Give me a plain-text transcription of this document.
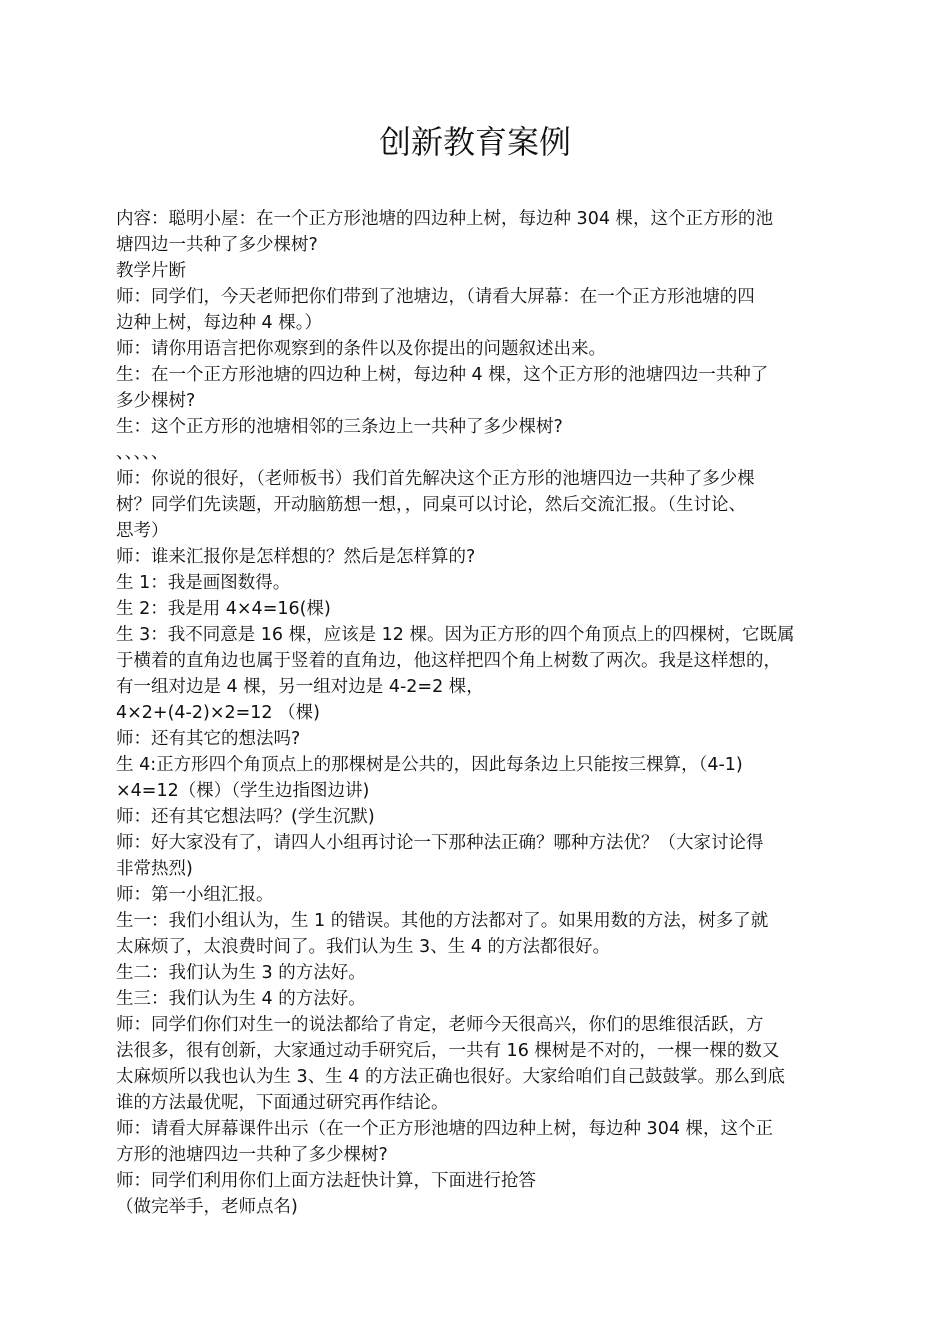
创新教育案例

内容：聪明小屋：在一个正方形池塘的四边种上树，每边种 304 棵，这个正方形的池

塘四边一共种了多少棵树?

教学片断

师：同学们，今天老师把你们带到了池塘边，（请看大屏幕：在一个正方形池塘的四

边种上树，每边种 4 棵。）

师：请你用语言把你观察到的条件以及你提出的问题叙述出来。

生：在一个正方形池塘的四边种上树，每边种 4 棵，这个正方形的池塘四边一共种了

多少棵树?

生：这个正方形的池塘相邻的三条边上一共种了多少棵树?

、、、、、

师：你说的很好，（老师板书）我们首先解决这个正方形的池塘四边一共种了多少棵

树？同学们先读题，开动脑筋想一想，，同桌可以讨论，然后交流汇报。（生讨论、

思考）

师：谁来汇报你是怎样想的？然后是怎样算的?

生 1：我是画图数得。

生 2：我是用 4×4=16(棵)

生 3：我不同意是 16 棵，应该是 12 棵。因为正方形的四个角顶点上的四棵树，它既属

于横着的直角边也属于竖着的直角边，他这样把四个角上树数了两次。我是这样想的，

有一组对边是 4 棵，另一组对边是 4-2=2 棵，

4×2+(4-2)×2=12 （棵)

师：还有其它的想法吗?

生 4:正方形四个角顶点上的那棵树是公共的，因此每条边上只能按三棵算，（4-1)

×4=12（棵）（学生边指图边讲)

师：还有其它想法吗？(学生沉默)

师：好大家没有了，请四人小组再讨论一下那种法正确？哪种方法优？（大家讨论得

非常热烈)

师：第一小组汇报。

生一：我们小组认为，生 1 的错误。其他的方法都对了。如果用数的方法，树多了就

太麻烦了，太浪费时间了。我们认为生 3、生 4 的方法都很好。

生二：我们认为生 3 的方法好。

生三：我们认为生 4 的方法好。

师：同学们你们对生一的说法都给了肯定，老师今天很高兴，你们的思维很活跃，方

法很多，很有创新，大家通过动手研究后，一共有 16 棵树是不对的，一棵一棵的数又

太麻烦所以我也认为生 3、生 4 的方法正确也很好。大家给咱们自己鼓鼓掌。那么到底

谁的方法最优呢，下面通过研究再作结论。

师：请看大屏幕课件出示（在一个正方形池塘的四边种上树，每边种 304 棵，这个正

方形的池塘四边一共种了多少棵树?

师：同学们利用你们上面方法赶快计算，下面进行抢答

（做完举手，老师点名)
